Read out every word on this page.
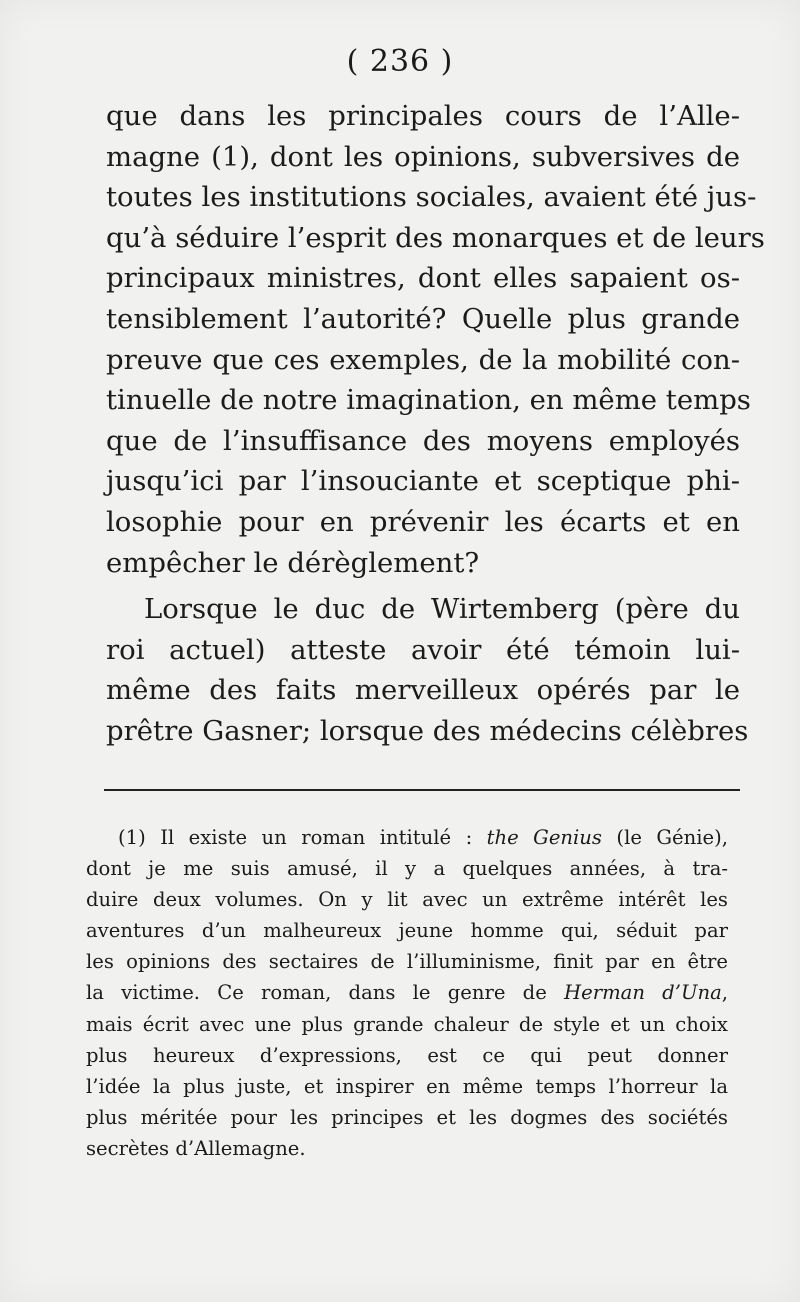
( 236 )
que dans les principales cours de l’Alle-
magne (1), dont les opinions, subversives de
toutes les institutions sociales, avaient été jus-
qu’à séduire l’esprit des monarques et de leurs
principaux ministres, dont elles sapaient os-
tensiblement l’autorité? Quelle plus grande
preuve que ces exemples, de la mobilité con-
tinuelle de notre imagination, en même temps
que de l’insuffisance des moyens employés
jusqu’ici par l’insouciante et sceptique phi-
losophie pour en prévenir les écarts et en
empêcher le dérèglement?
Lorsque le duc de Wirtemberg (père du
roi actuel) atteste avoir été témoin lui-
même des faits merveilleux opérés par le
prêtre Gasner; lorsque des médecins célèbres
(1) Il existe un roman intitulé : the Genius (le Génie),
dont je me suis amusé, il y a quelques années, à tra-
duire deux volumes. On y lit avec un extrême intérêt les
aventures d’un malheureux jeune homme qui, séduit par
les opinions des sectaires de l’illuminisme, finit par en être
la victime. Ce roman, dans le genre de Herman d’Una,
mais écrit avec une plus grande chaleur de style et un choix
plus heureux d’expressions, est ce qui peut donner
l’idée la plus juste, et inspirer en même temps l’horreur la
plus méritée pour les principes et les dogmes des sociétés
secrètes d’Allemagne.
